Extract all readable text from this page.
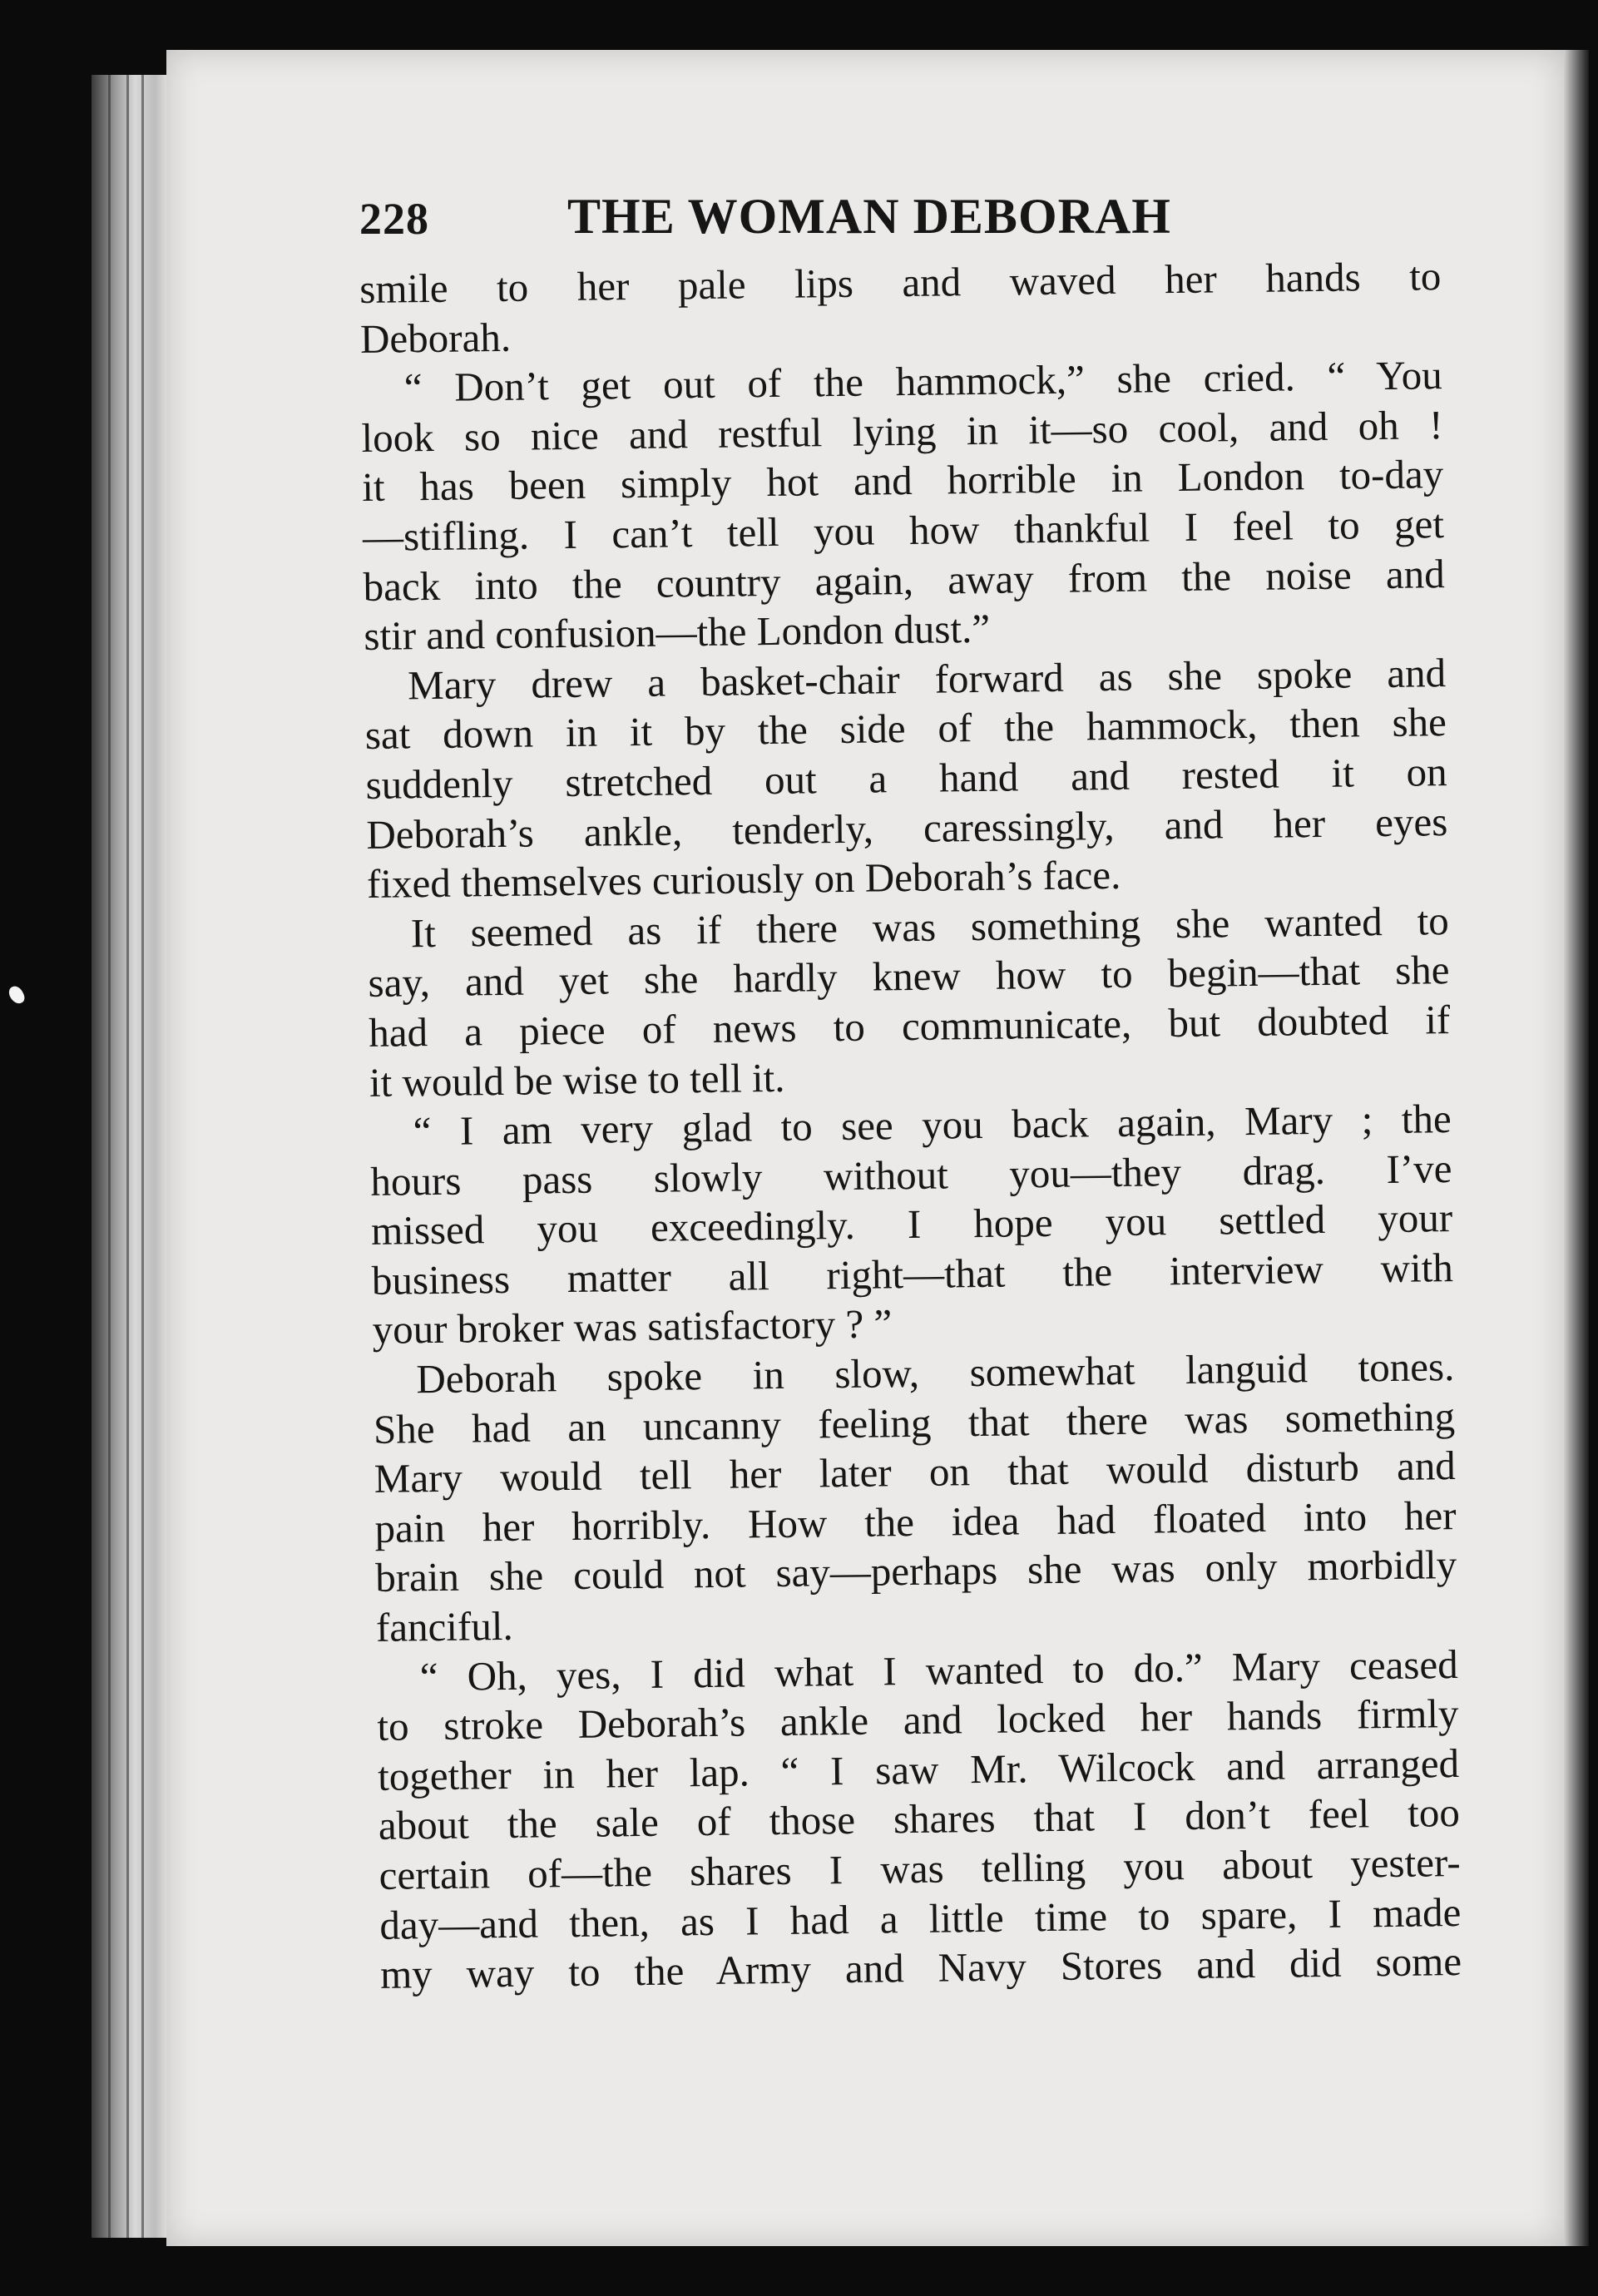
228	THE WOMAN DEBORAH
smile to her pale lips and waved her hands to
Deborah.
“ Don’t get out of the hammock,” she cried. “ You
look so nice and restful lying in it—so cool, and oh !
it has been simply hot and horrible in London to-day
—stifling. I can’t tell you how thankful I feel to get
back into the country again, away from the noise and
stir and confusion—the London dust.”
Mary drew a basket-chair forward as she spoke and
sat down in it by the side of the hammock, then she
suddenly stretched out a hand and rested it on
Deborah’s ankle, tenderly, caressingly, and her eyes
fixed themselves curiously on Deborah’s face.
It seemed as if there was something she wanted to
say, and yet she hardly knew how to begin—that she
had a piece of news to communicate, but doubted if
it would be wise to tell it.
“ I am very glad to see you back again, Mary ; the
hours pass slowly without you—they drag. I’ve
missed you exceedingly. I hope you settled your
business matter all right—that the interview with
your broker was satisfactory ? ”
Deborah spoke in slow, somewhat languid tones.
She had an uncanny feeling that there was something
Mary would tell her later on that would disturb and
pain her horribly. How the idea had floated into her
brain she could not say—perhaps she was only morbidly
fanciful.
“ Oh, yes, I did what I wanted to do.” Mary ceased
to stroke Deborah’s ankle and locked her hands firmly
together in her lap. “ I saw Mr. Wilcock and arranged
about the sale of those shares that I don’t feel too
certain of—the shares I was telling you about yester-
day—and then, as I had a little time to spare, I made
my way to the Army and Navy Stores and did some
